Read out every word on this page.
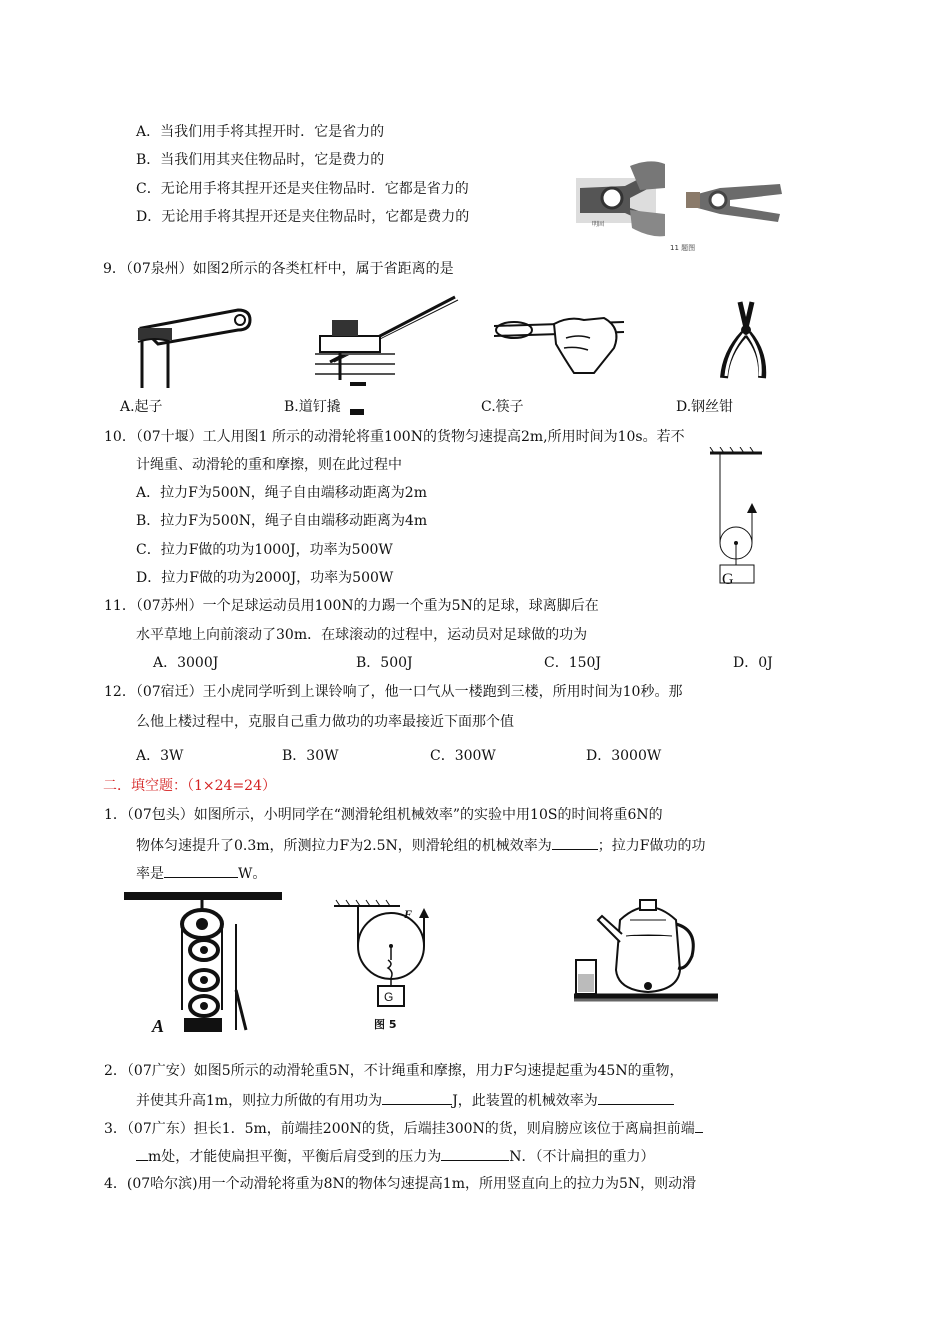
A．当我们用手将其捏开时．它是省力的
B．当我们用其夹住物品时，它是费力的
C．无论用手将其捏开还是夹住物品时．它都是省力的
D．无论用手将其捏开还是夹住物品时，它都是费力的	明固
11 题图
9．（07泉州）如图2所示的各类杠杆中，属于省距离的是
A.起子	B.道钉撬	C.筷子	D.钢丝钳
10．（07十堰）工人用图1 所示的动滑轮将重100N的货物匀速提高2m,所用时间为10s。若不
计绳重、动滑轮的重和摩擦，则在此过程中
A．拉力F为500N，绳子自由端移动距离为2m
B．拉力F为500N，绳子自由端移动距离为4m
C．拉力F做的功为1000J，功率为500W
D．拉力F做的功为2000J，功率为500W	G
11．（07苏州）一个足球运动员用100N的力踢一个重为5N的足球，球离脚后在
水平草地上向前滚动了30m．在球滚动的过程中，运动员对足球做的功为
A．3000J	B．500J	C．150J	D．0J
12．（07宿迁）王小虎同学听到上课铃响了，他一口气从一楼跑到三楼，所用时间为10秒。那
么他上楼过程中，克服自己重力做功的功率最接近下面那个值
A．3W	B．30W	C．300W	D．3000W
二．填空题：（1×24=24）
1．（07包头）如图所示，小明同学在“测滑轮组机械效率”的实验中用10S的时间将重6N的
物体匀速提升了0.3m，所测拉力F为2.5N，则滑轮组的机械效率为	；拉力F做功的功
率是	W。
A
F
G
图 5
2．（07广安）如图5所示的动滑轮重5N，不计绳重和摩擦，用力F匀速提起重为45N的重物，
并使其升高1m，则拉力所做的有用功为	J，此装置的机械效率为
3．（07广东）担长1．5m，前端挂200N的货，后端挂300N的货，则肩膀应该位于离扁担前端
m处，才能使扁担平衡，平衡后肩受到的压力为	N．（不计扁担的重力）
4．(07哈尔滨)用一个动滑轮将重为8N的物体匀速提高1m，所用竖直向上的拉力为5N，则动滑
